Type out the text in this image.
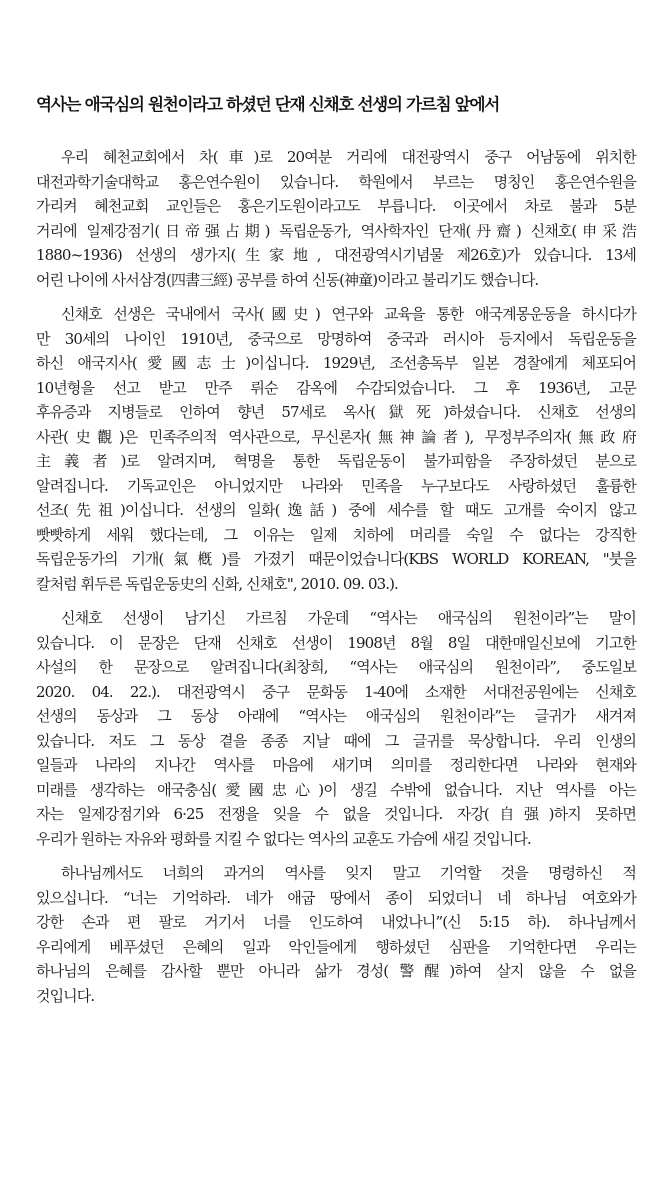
역사는 애국심의 원천이라고 하셨던 단재 신채호 선생의 가르침 앞에서
우리 혜천교회에서 차(車)로 20여분 거리에 대전광역시 중구 어남동에 위치한
대전과학기술대학교 홍은연수원이 있습니다. 학원에서 부르는 명칭인 홍은연수원을
가리켜 혜천교회 교인들은 홍은기도원이라고도 부릅니다. 이곳에서 차로 불과 5분
거리에 일제강점기(日帝强占期) 독립운동가, 역사학자인 단재(丹齋) 신채호(申采浩
1880~1936) 선생의 생가지(生家地, 대전광역시기념물 제26호)가 있습니다. 13세
어린 나이에 사서삼경(四書三經) 공부를 하여 신동(神童)이라고 불리기도 했습니다.
신채호 선생은 국내에서 국사(國史) 연구와 교육을 통한 애국계몽운동을 하시다가
만 30세의 나이인 1910년, 중국으로 망명하여 중국과 러시아 등지에서 독립운동을
하신 애국지사(愛國志士)이십니다. 1929년, 조선총독부 일본 경찰에게 체포되어
10년형을 선고 받고 만주 뤼순 감옥에 수감되었습니다. 그 후 1936년, 고문
후유증과 지병들로 인하여 향년 57세로 옥사(獄死)하셨습니다. 신채호 선생의
사관(史觀)은 민족주의적 역사관으로, 무신론자(無神論者), 무정부주의자(無政府
主義者)로 알려지며, 혁명을 통한 독립운동이 불가피함을 주장하셨던 분으로
알려집니다. 기독교인은 아니었지만 나라와 민족을 누구보다도 사랑하셨던 훌륭한
선조(先祖)이십니다. 선생의 일화(逸話) 중에 세수를 할 때도 고개를 숙이지 않고
빳빳하게 세워 했다는데, 그 이유는 일제 치하에 머리를 숙일 수 없다는 강직한
독립운동가의 기개(氣槪)를 가졌기 때문이었습니다(KBS WORLD KOREAN, "붓을
칼처럼 휘두른 독립운동史의 신화, 신채호", 2010. 09. 03.).
신채호 선생이 남기신 가르침 가운데 “역사는 애국심의 원천이라”는 말이
있습니다. 이 문장은 단재 신채호 선생이 1908년 8월 8일 대한매일신보에 기고한
사설의 한 문장으로 알려집니다(최창희, “역사는 애국심의 원천이라”, 중도일보
2020. 04. 22.). 대전광역시 중구 문화동 1-40에 소재한 서대전공원에는 신채호
선생의 동상과 그 동상 아래에 “역사는 애국심의 원천이라”는 글귀가 새겨져
있습니다. 저도 그 동상 곁을 종종 지날 때에 그 글귀를 묵상합니다. 우리 인생의
일들과 나라의 지나간 역사를 마음에 새기며 의미를 정리한다면 나라와 현재와
미래를 생각하는 애국충심(愛國忠心)이 생길 수밖에 없습니다. 지난 역사를 아는
자는 일제강점기와 6·25 전쟁을 잊을 수 없을 것입니다. 자강(自强)하지 못하면
우리가 원하는 자유와 평화를 지킬 수 없다는 역사의 교훈도 가슴에 새길 것입니다.
하나님께서도 너희의 과거의 역사를 잊지 말고 기억할 것을 명령하신 적
있으십니다. “너는 기억하라. 네가 애굽 땅에서 종이 되었더니 네 하나님 여호와가
강한 손과 편 팔로 거기서 너를 인도하여 내었나니”(신 5:15 하). 하나님께서
우리에게 베푸셨던 은혜의 일과 악인들에게 행하셨던 심판을 기억한다면 우리는
하나님의 은혜를 감사할 뿐만 아니라 삶가 경성(警醒)하여 살지 않을 수 없을
것입니다.
